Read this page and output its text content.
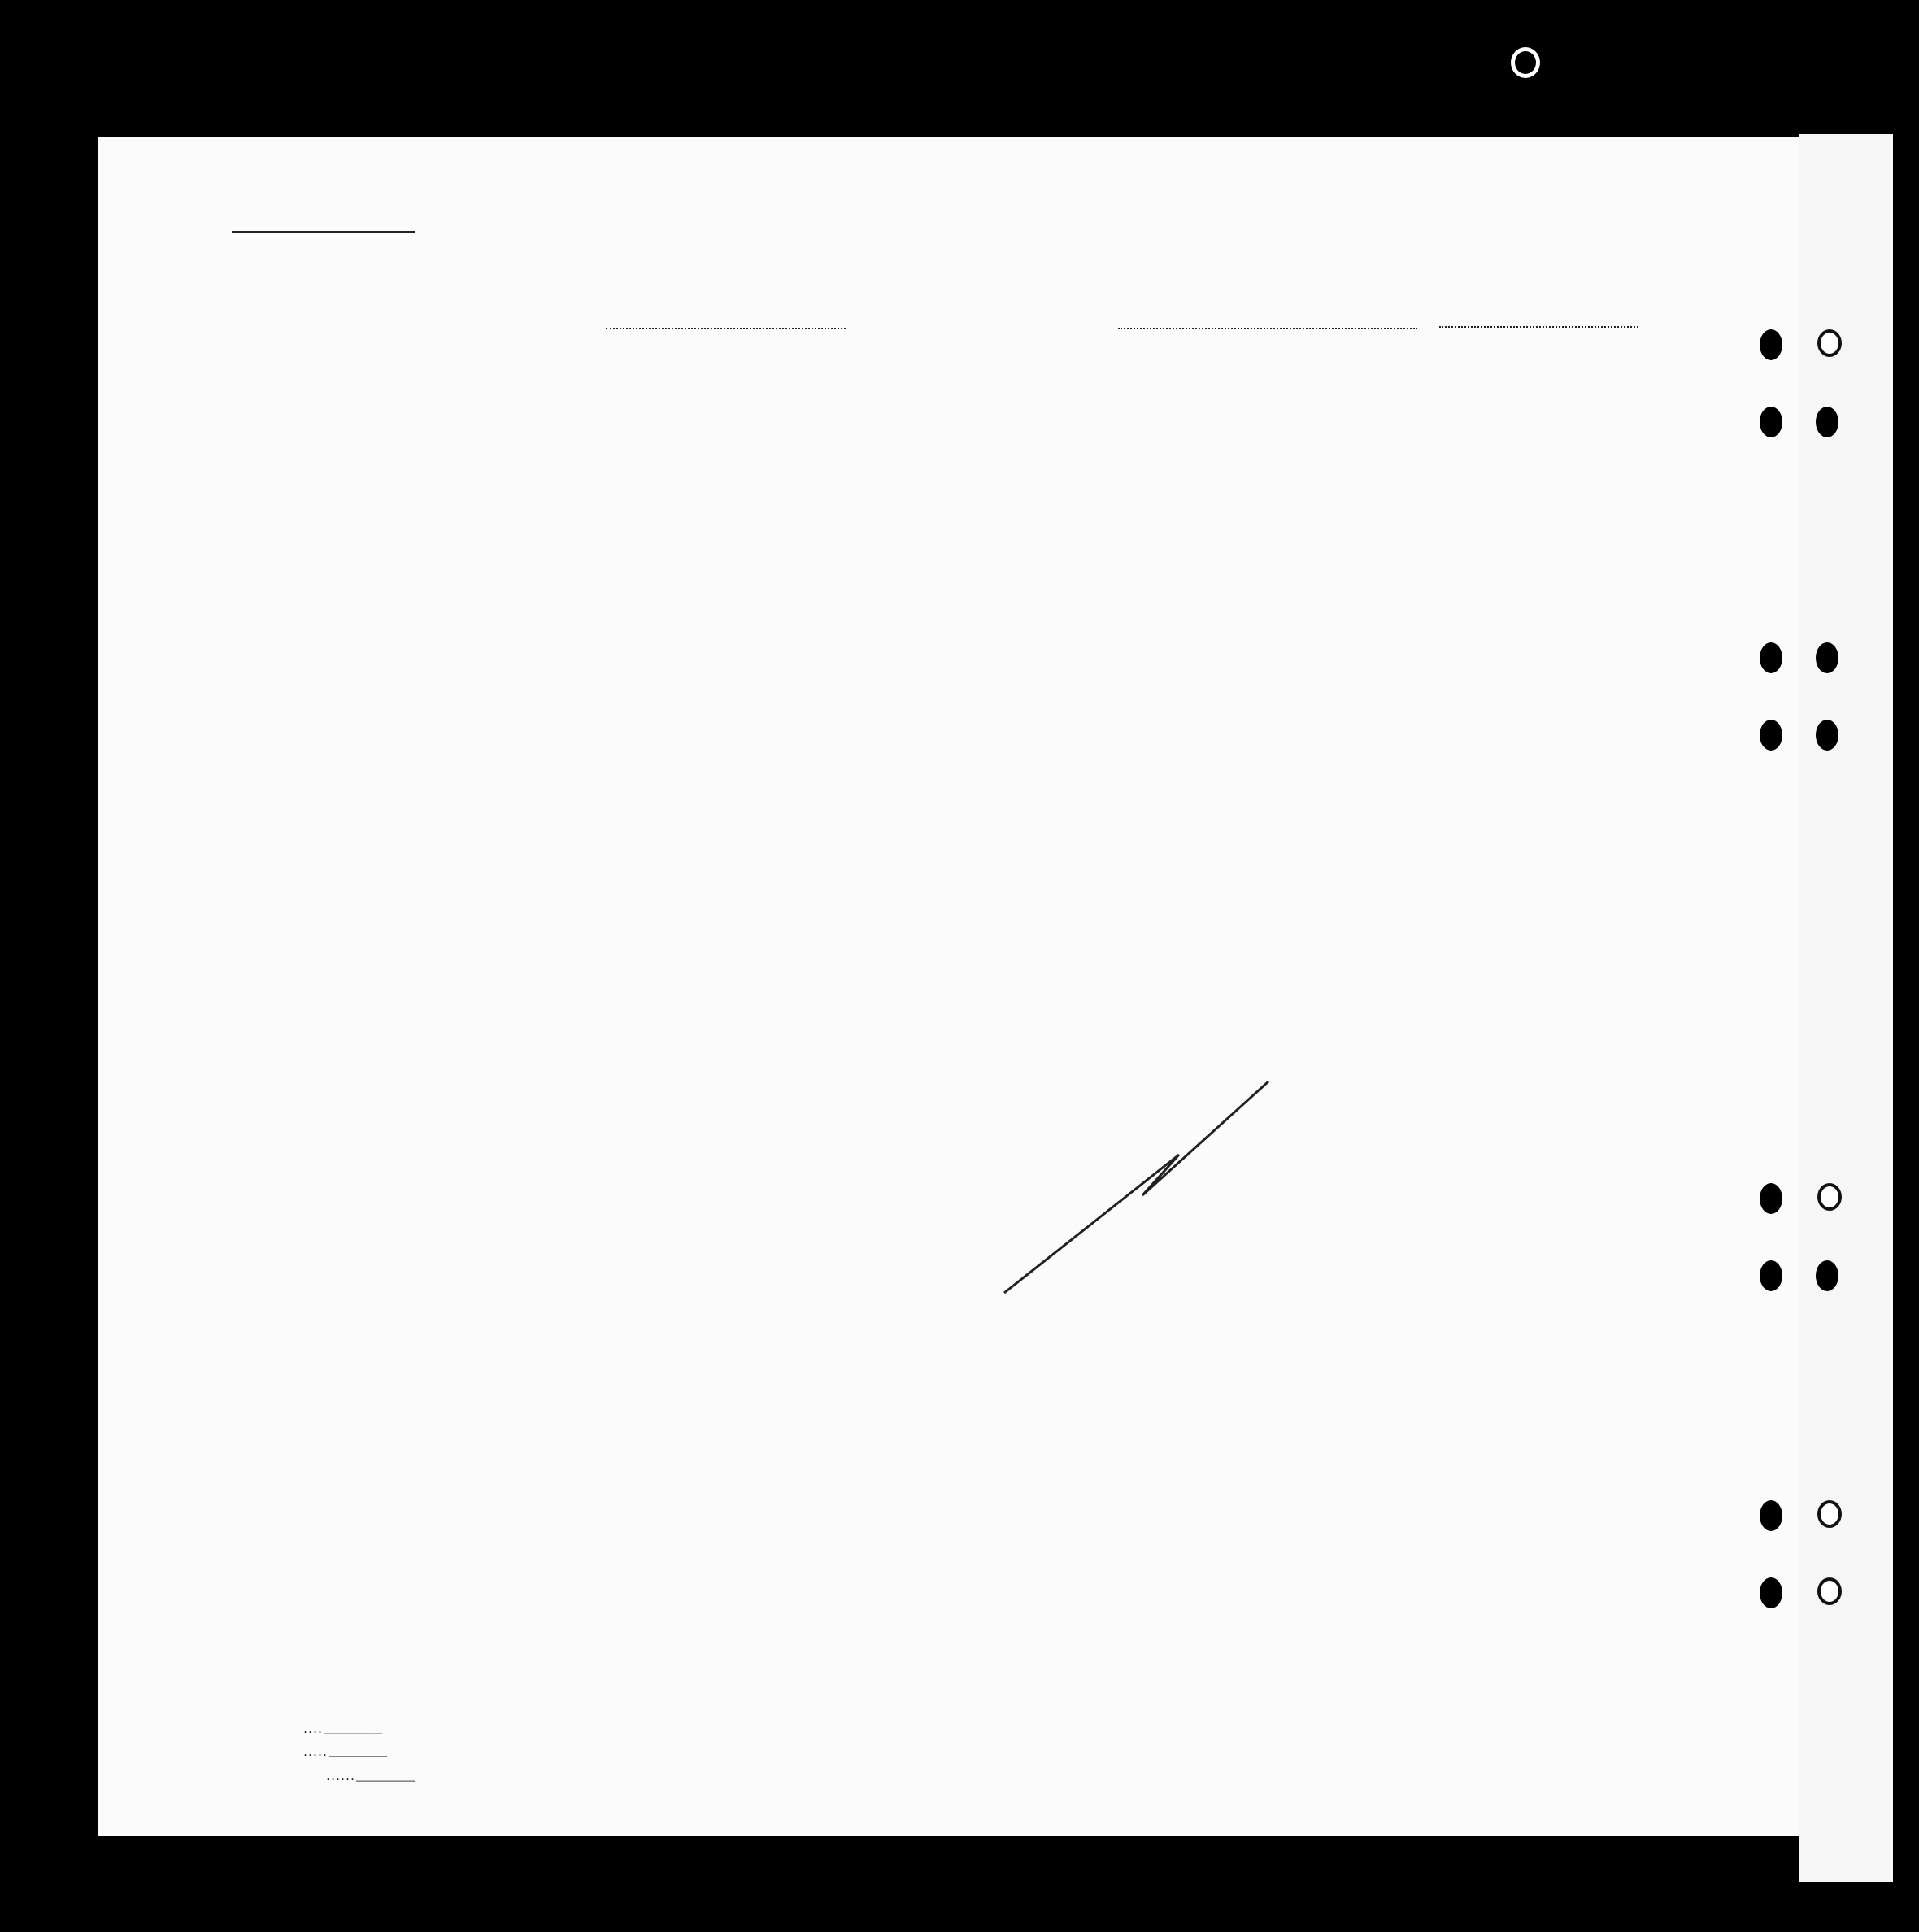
. . . . ____________
. . . . . ____________
. . . . . . ____________
